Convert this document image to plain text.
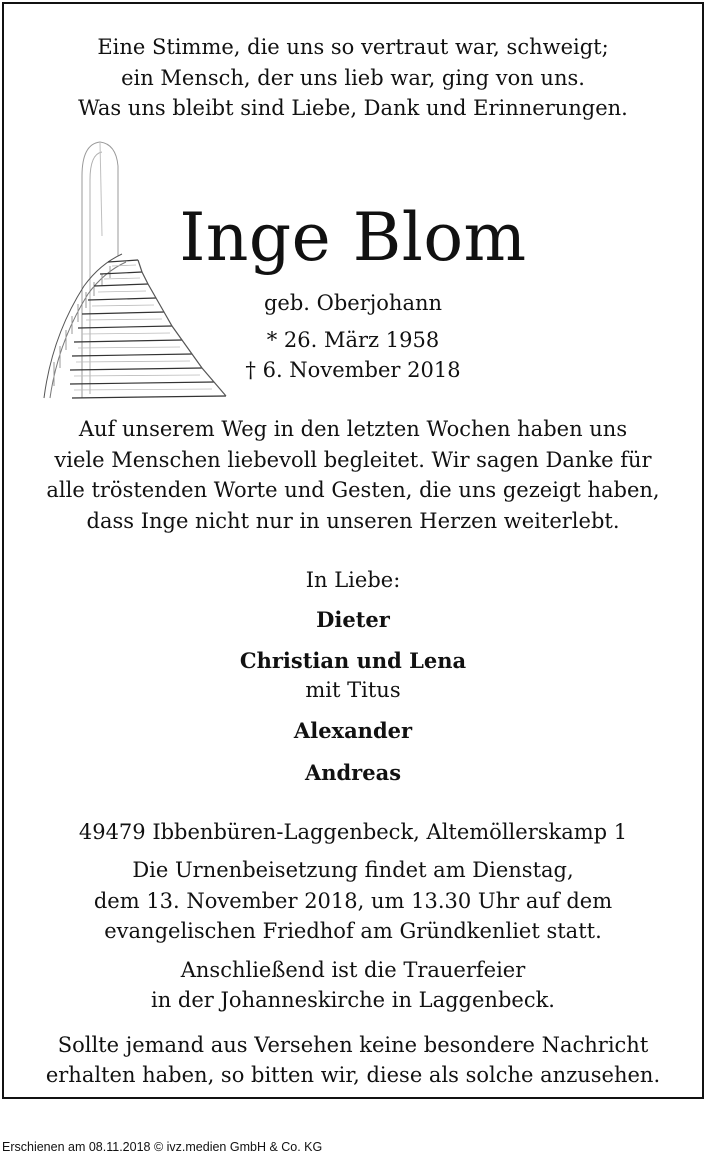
Eine Stimme, die uns so vertraut war, schweigt;
ein Mensch, der uns lieb war, ging von uns.
Was uns bleibt sind Liebe, Dank und Erinnerungen.
Inge Blom
geb. Oberjohann
* 26. März 1958
† 6. November 2018
Auf unserem Weg in den letzten Wochen haben uns
viele Menschen liebevoll begleitet. Wir sagen Danke für
alle tröstenden Worte und Gesten, die uns gezeigt haben,
dass Inge nicht nur in unseren Herzen weiterlebt.
In Liebe:
Dieter
Christian und Lena
mit Titus
Alexander
Andreas
49479 Ibbenbüren-Laggenbeck, Altemöllerskamp 1
Die Urnenbeisetzung findet am Dienstag,
dem 13. November 2018, um 13.30 Uhr auf dem
evangelischen Friedhof am Gründkenliet statt.
Anschließend ist die Trauerfeier
in der Johanneskirche in Laggenbeck.
Sollte jemand aus Versehen keine besondere Nachricht
erhalten haben, so bitten wir, diese als solche anzusehen.
Erschienen am 08.11.2018 © ivz.medien GmbH & Co. KG
